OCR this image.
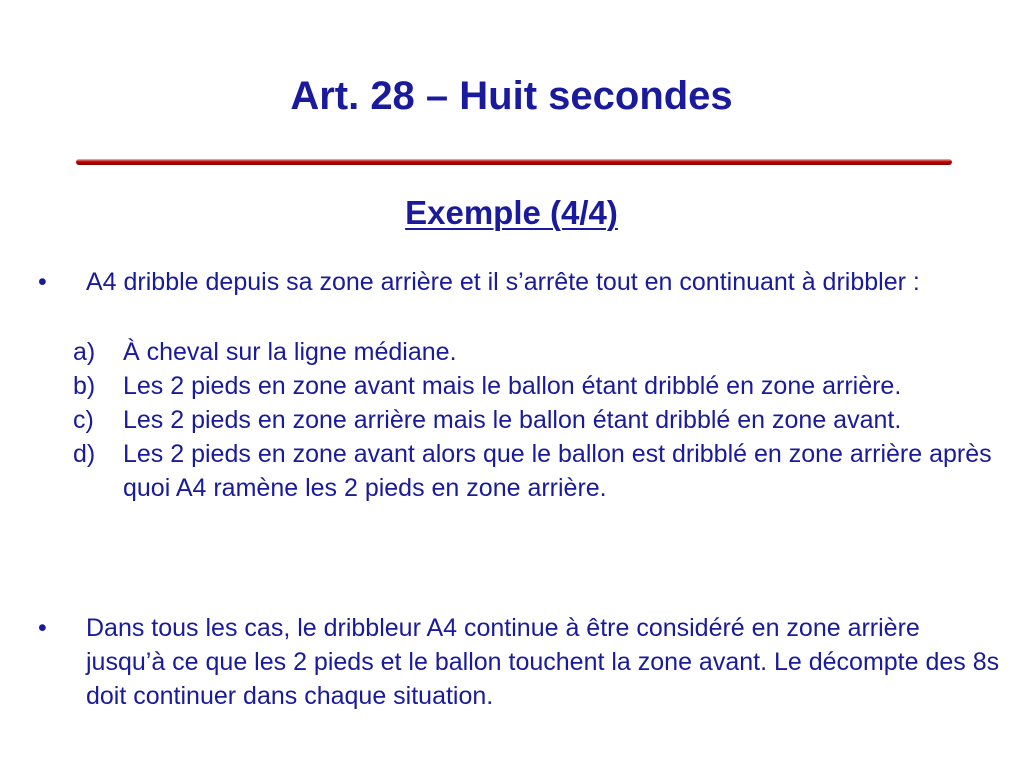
Art. 28 – Huit secondes
Exemple (4/4)
•	A4 dribble depuis sa zone arrière et il s’arrête tout en continuant à dribbler :
a)	À cheval sur la ligne médiane.
b)	Les 2 pieds en zone avant mais le ballon étant dribblé en zone arrière.
c)	Les 2 pieds en zone arrière mais le ballon étant dribblé en zone avant.
d)	Les 2 pieds en zone avant alors que le ballon est dribblé en zone arrière après quoi A4 ramène les 2 pieds en zone arrière.
•	Dans tous les cas, le dribbleur A4 continue à être considéré en zone arrière jusqu’à ce que les 2 pieds et le ballon touchent la zone avant. Le décompte des 8s doit continuer dans chaque situation.
